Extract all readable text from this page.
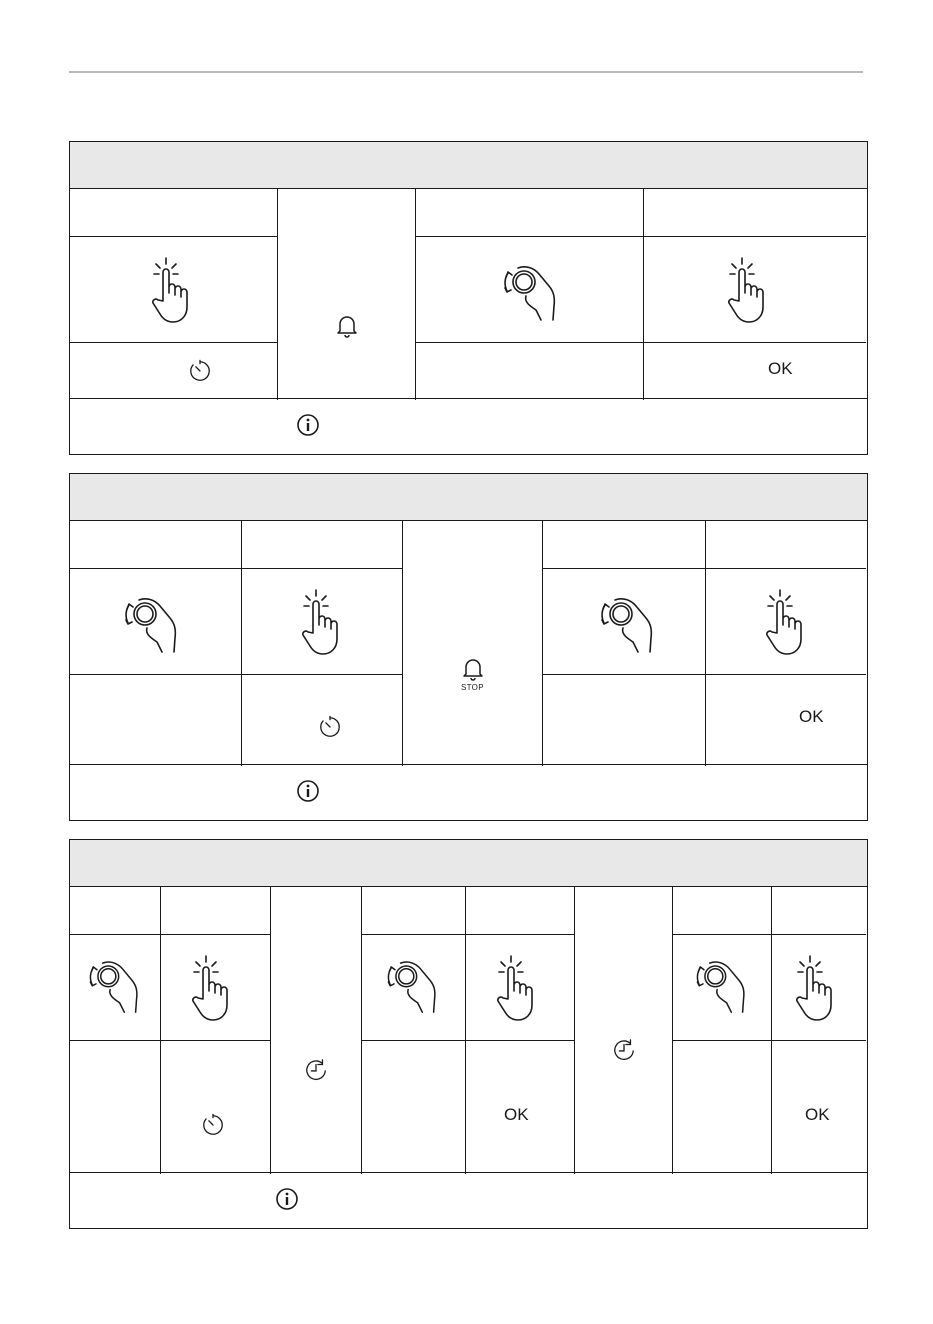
OK
STOP
OK
OK	OK
